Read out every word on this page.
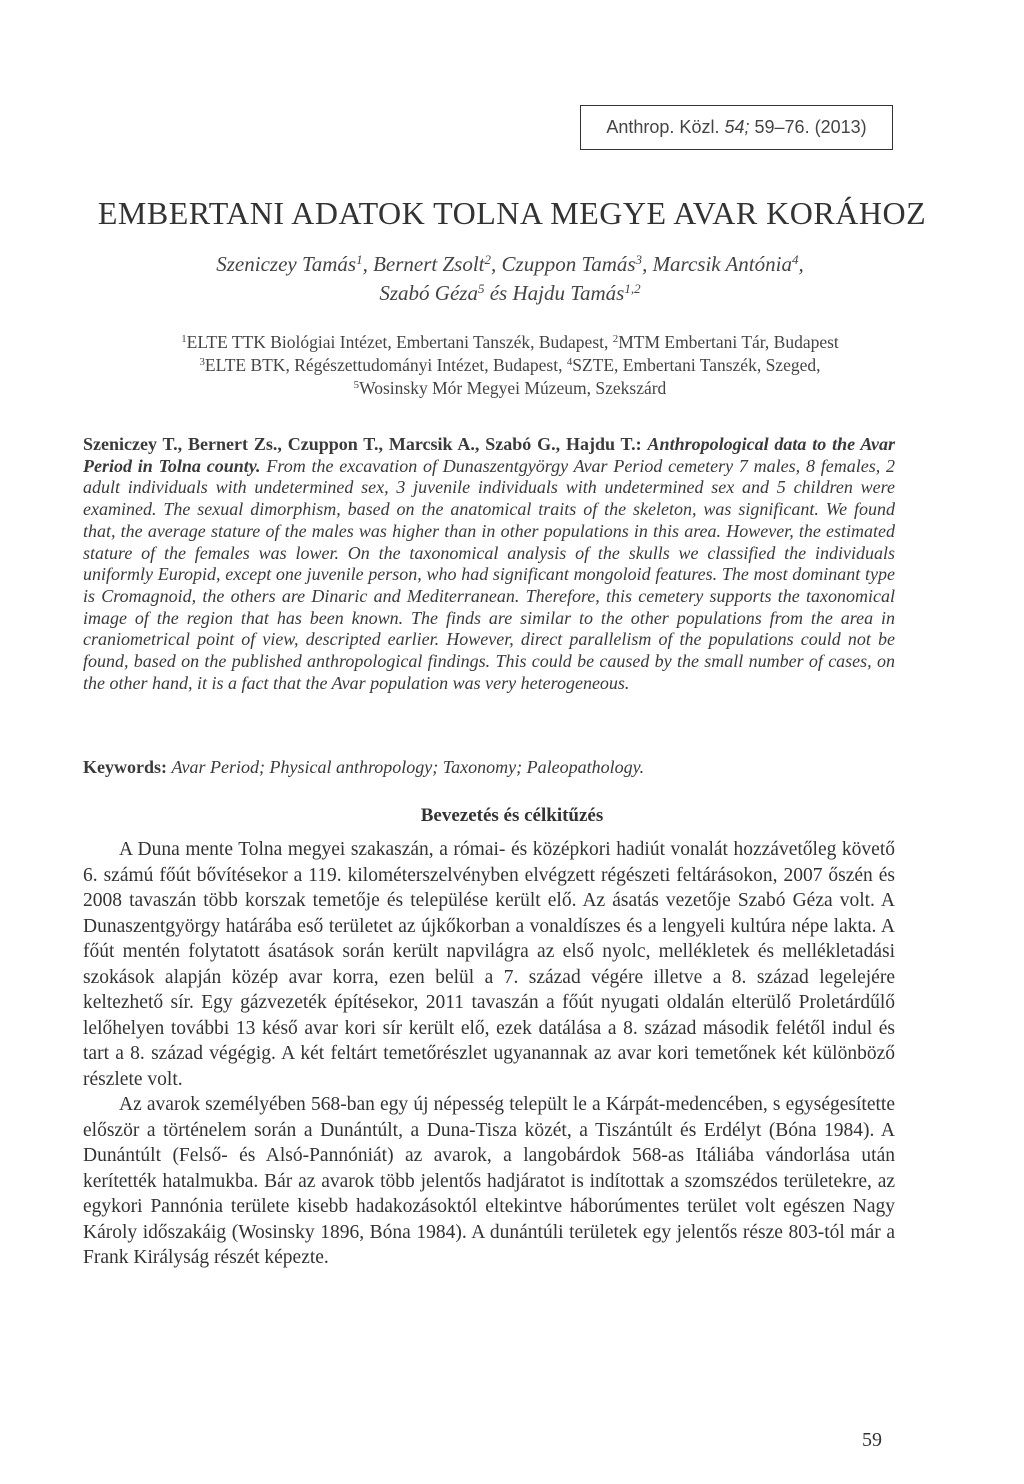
Anthrop. Közl.
54;
59–76. (2013)
EMBERTANI ADATOK TOLNA MEGYE AVAR KORÁHOZ
Szeniczey Tamás$^1$, Bernert Zsolt$^2$, Czuppon Tamás$^3$, Marcsik Antónia$^4$,
Szabó Géza$^5$ és Hajdu Tamás$^{1,2}$
$^1$ELTE TTK Biológiai Intézet, Embertani Tanszék, Budapest, $^2$MTM Embertani Tár, Budapest
$^3$ELTE BTK, Régészettudományi Intézet, Budapest, $^4$SZTE, Embertani Tanszék, Szeged,
$^5$Wosinsky Mór Megyei Múzeum, Szekszárd
Szeniczey T., Bernert Zs., Czuppon T., Marcsik A., Szabó G., Hajdu T.: Anthropological data to the Avar Period in Tolna county. From the excavation of Dunaszentgyörgy Avar Period cemetery 7 males, 8 females, 2 adult individuals with undetermined sex, 3 juvenile individuals with undetermined sex and 5 children were examined. The sexual dimorphism, based on the anatomical traits of the skeleton, was significant. We found that, the average stature of the males was higher than in other populations in this area. However, the estimated stature of the females was lower. On the taxonomical analysis of the skulls we classified the individuals uniformly Europid, except one juvenile person, who had significant mongoloid features. The most dominant type is Cromagnoid, the others are Dinaric and Mediterranean. Therefore, this cemetery supports the taxonomical image of the region that has been known. The finds are similar to the other populations from the area in craniometrical point of view, descripted earlier. However, direct parallelism of the populations could not be found, based on the published anthropological findings. This could be caused by the small number of cases, on the other hand, it is a fact that the Avar population was very heterogeneous.
Keywords: Avar Period; Physical anthropology; Taxonomy; Paleopathology.
Bevezetés és célkitűzés

A Duna mente Tolna megyei szakaszán, a római- és középkori hadiút vonalát hozzávetőleg követő 6. számú főút bővítésekor a 119. kilométerszelvényben elvégzett régészeti feltárásokon, 2007 őszén és 2008 tavaszán több korszak temetője és települése került elő. Az ásatás vezetője Szabó Géza volt. A Dunaszentgyörgy határába eső területet az újkőkorban a vonaldíszes és a lengyeli kultúra népe lakta. A főút mentén folytatott ásatások során került napvilágra az első nyolc, mellékletek és mellékletadási szokások alapján közép avar korra, ezen belül a 7. század végére illetve a 8. század legelejére keltezhető sír. Egy gázvezeték építésekor, 2011 tavaszán a főút nyugati oldalán elterülő Proletárdűlő lelőhelyen további 13 késő avar kori sír került elő, ezek datálása a 8. század második felétől indul és tart a 8. század végégig. A két feltárt temetőrészlet ugyanannak az avar kori temetőnek két különböző részlete volt.

Az avarok személyében 568-ban egy új népesség települt le a Kárpát-medencében, s egységesítette először a történelem során a Dunántúlt, a Duna-Tisza közét, a Tiszántúlt és Erdélyt (Bóna 1984). A Dunántúlt (Felső- és Alsó-Pannóniát) az avarok, a langobárdok 568-as Itáliába vándorlása után kerítették hatalmukba. Bár az avarok több jelentős hadjáratot is indítottak a szomszédos területekre, az egykori Pannónia területe kisebb hadakozásoktól eltekintve háborúmentes terület volt egészen Nagy Károly időszakáig (Wosinsky 1896, Bóna 1984). A dunántúli területek egy jelentős része 803-tól már a Frank Királyság részét képezte.

59
